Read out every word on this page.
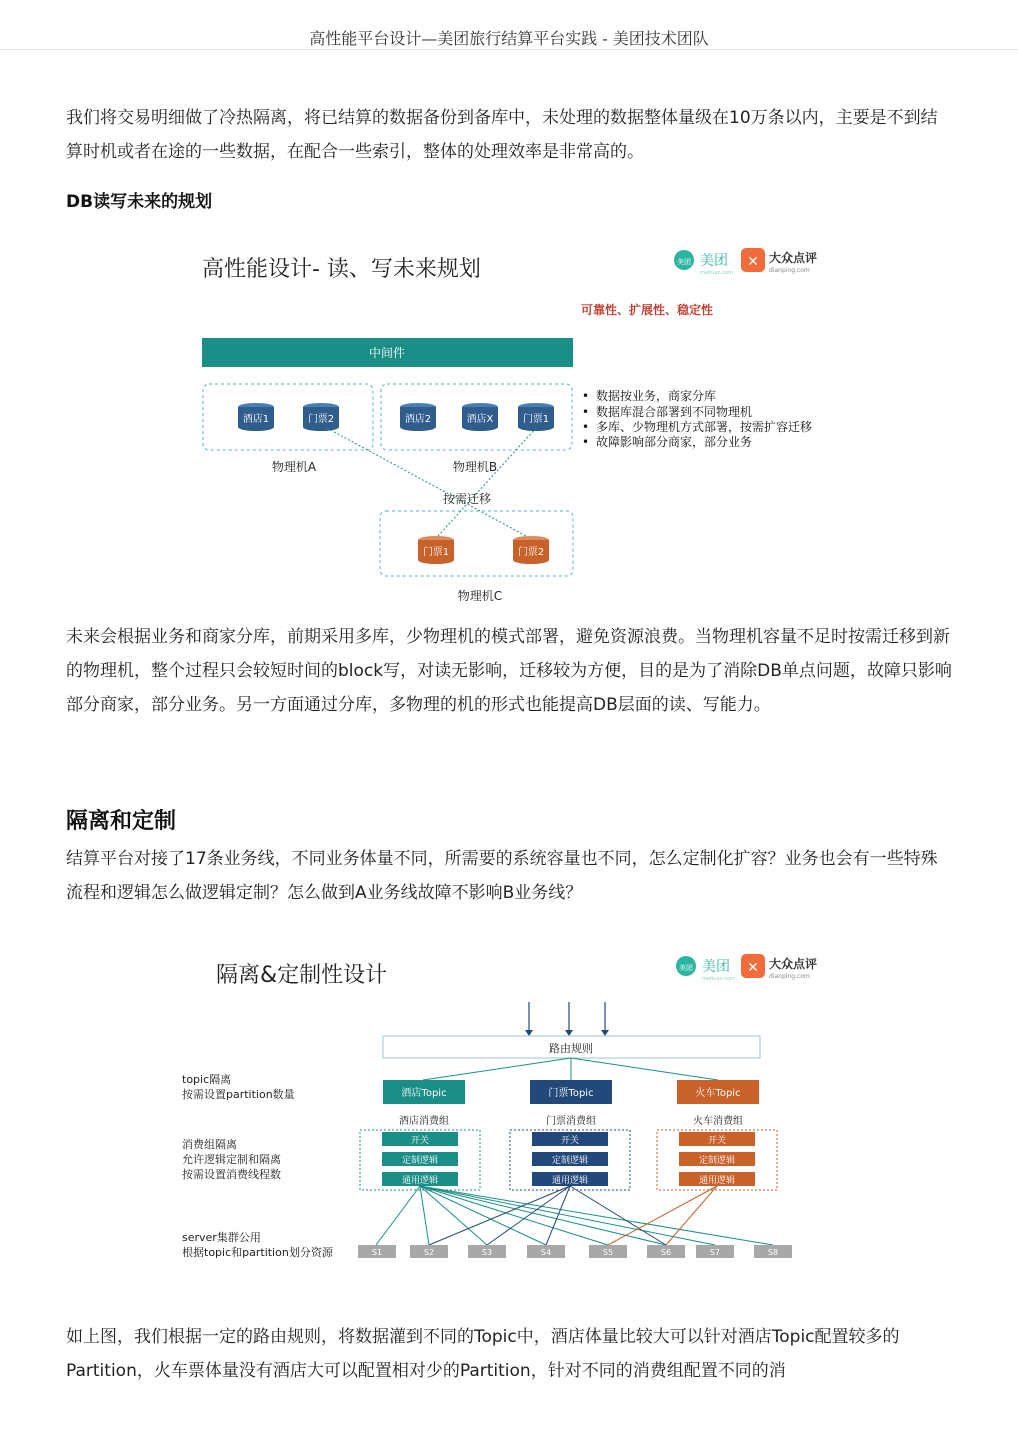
高性能平台设计—美团旅行结算平台实践 - 美团技术团队
我们将交易明细做了冷热隔离，将已结算的数据备份到备库中，未处理的数据整体量级在10万条以内，主要是不到结算时机或者在途的一些数据，在配合一些索引，整体的处理效率是非常高的。
DB读写未来的规划
高性能设计- 读、写未来规划	美团 美团
meituan.com
✕ 大众点评
dianping.com
可靠性、扩展性、稳定性
中间件
酒店1	门票2	酒店2	酒店X	门票1
门票1	门票2
物理机A	物理机B
按需迁移
物理机C
• 数据按业务，商家分库
• 数据库混合部署到不同物理机
• 多库、少物理机方式部署，按需扩容迁移
• 故障影响部分商家，部分业务
未来会根据业务和商家分库，前期采用多库，少物理机的模式部署，避免资源浪费。当物理机容量不足时按需迁移到新的物理机，整个过程只会较短时间的block写，对读无影响，迁移较为方便，目的是为了消除DB单点问题，故障只影响部分商家，部分业务。另一方面通过分库，多物理的机的形式也能提高DB层面的读、写能力。
隔离和定制
结算平台对接了17条业务线，不同业务体量不同，所需要的系统容量也不同，怎么定制化扩容？业务也会有一些特殊流程和逻辑怎么做逻辑定制？怎么做到A业务线故障不影响B业务线？
隔离&定制性设计	美团 美团
meituan.com
✕ 大众点评
dianping.com
路由规则
酒店Topic	门票Topic	火车Topic
酒店消费组	门票消费组	火车消费组
开关
定制逻辑
通用逻辑
开关
定制逻辑
通用逻辑
开关
定制逻辑
通用逻辑
S1	S2	S3	S4	S5	S6	S7	S8
topic隔离
按需设置partition数量
消费组隔离
允许逻辑定制和隔离
按需设置消费线程数
server集群公用
根据topic和partition划分资源
如上图，我们根据一定的路由规则，将数据灌到不同的Topic中，酒店体量比较大可以针对酒店Topic配置较多的Partition，火车票体量没有酒店大可以配置相对少的Partition，针对不同的消费组配置不同的消
